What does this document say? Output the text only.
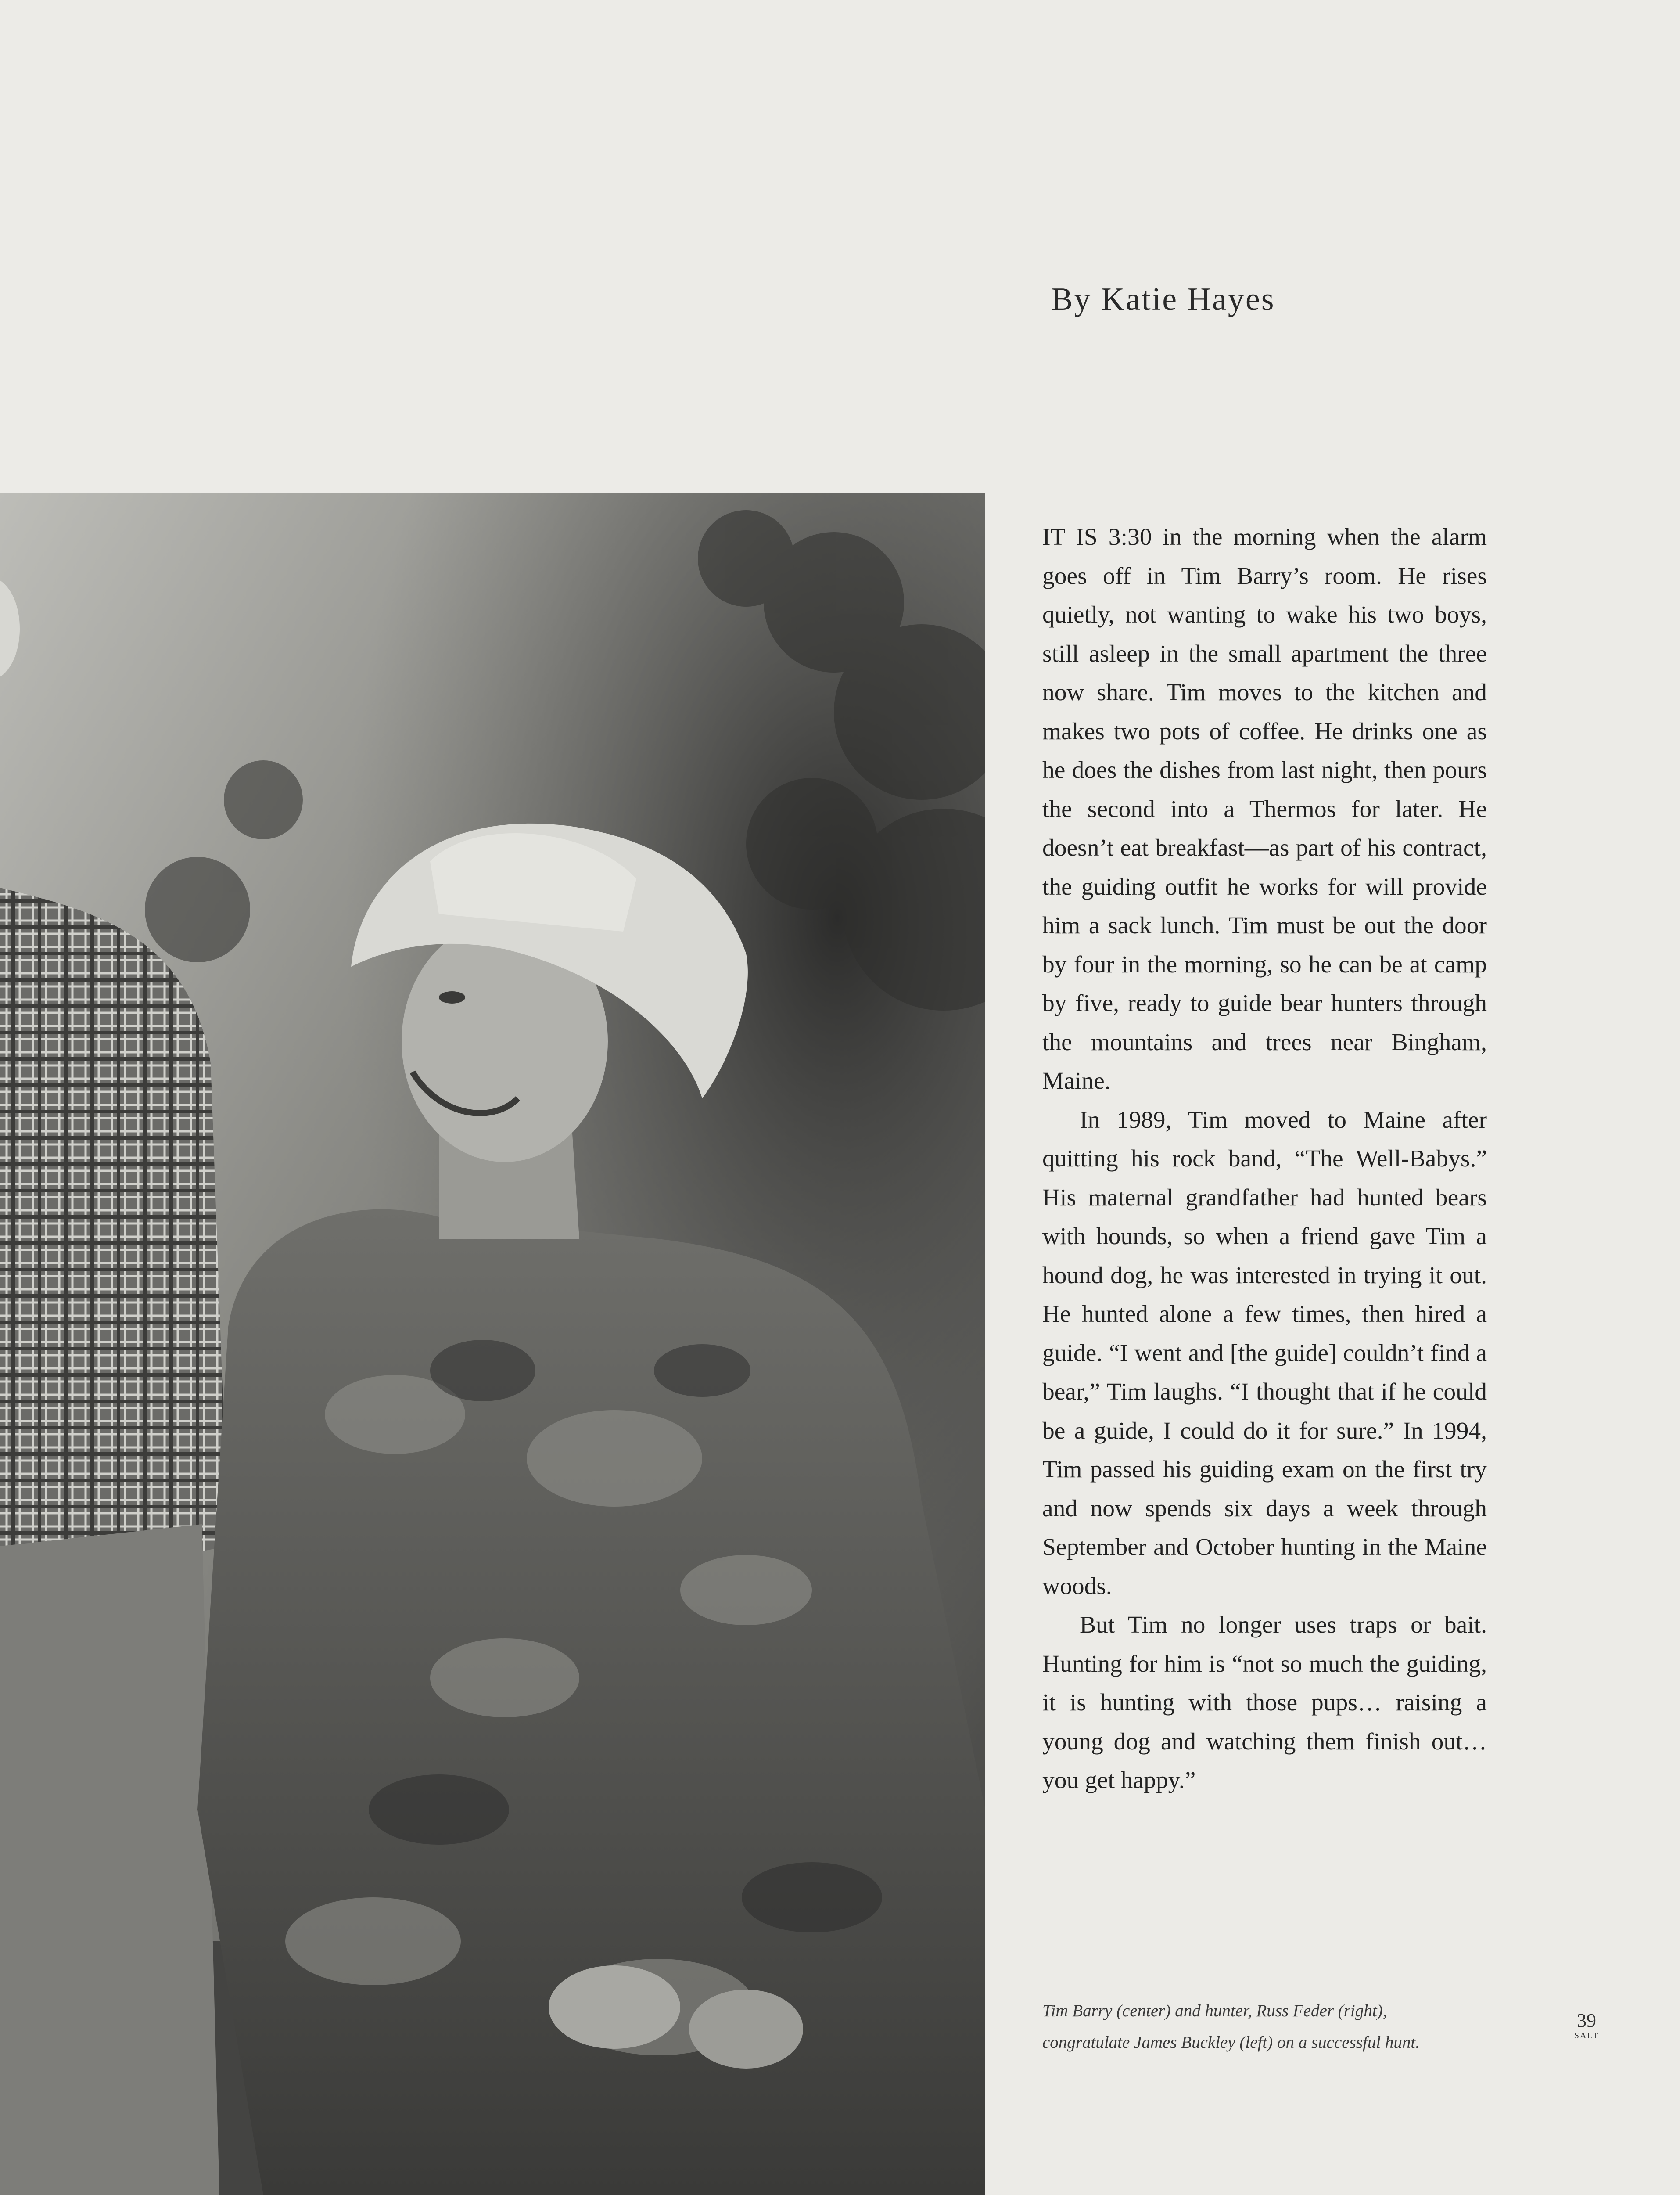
By Katie Hayes

IT IS 3:30 in the morning when the alarm goes off in Tim Barry’s room. He rises quietly, not wanting to wake his two boys, still asleep in the small apartment the three now share. Tim moves to the kitchen and makes two pots of coffee. He drinks one as he does the dishes from last night, then pours the second into a Thermos for later. He doesn’t eat breakfast—as part of his contract, the guiding outfit he works for will provide him a sack lunch. Tim must be out the door by four in the morning, so he can be at camp by five, ready to guide bear hunters through the mountains and trees near Bingham, Maine.

In 1989, Tim moved to Maine after quitting his rock band, “The Well-Babys.” His maternal grandfather had hunted bears with hounds, so when a friend gave Tim a hound dog, he was interested in trying it out. He hunted alone a few times, then hired a guide. “I went and [the guide] couldn’t find a bear,” Tim laughs. “I thought that if he could be a guide, I could do it for sure.” In 1994, Tim passed his guiding exam on the first try and now spends six days a week through September and October hunting in the Maine woods.

But Tim no longer uses traps or bait. Hunting for him is “not so much the guiding, it is hunting with those pups… raising a young dog and watching them finish out… you get happy.”

Tim Barry (center) and hunter, Russ Feder (right),
congratulate James Buckley (left) on a successful hunt.

39
SALT
